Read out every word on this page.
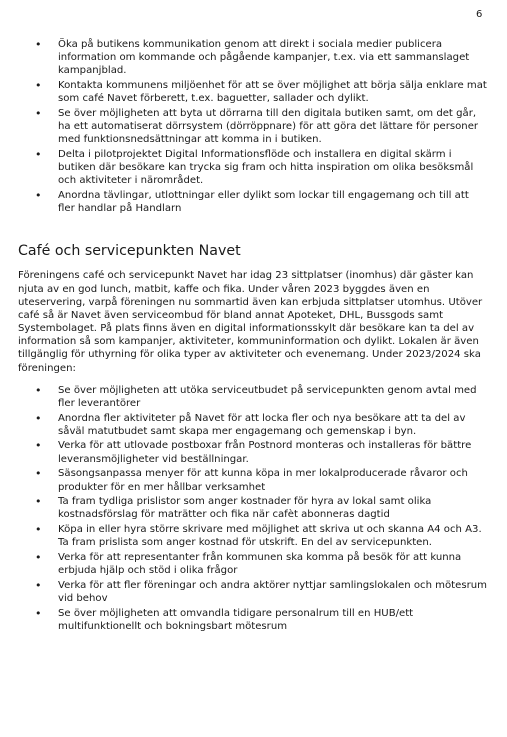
6
• Öka på butikens kommunikation genom att direkt i sociala medier publicera information om kommande och pågående kampanjer, t.ex. via ett sammanslaget kampanjblad.
• Kontakta kommunens miljöenhet för att se över möjlighet att börja sälja enklare mat som café Navet förberett, t.ex. baguetter, sallader och dylikt.
• Se över möjligheten att byta ut dörrarna till den digitala butiken samt, om det går, ha ett automatiserat dörrsystem (dörröppnare) för att göra det lättare för personer med funktionsnedsättningar att komma in i butiken.
• Delta i pilotprojektet Digital Informationsflöde och installera en digital skärm i butiken där besökare kan trycka sig fram och hitta inspiration om olika besöksmål och aktiviteter i närområdet.
• Anordna tävlingar, utlottningar eller dylikt som lockar till engagemang och till att fler handlar på Handlarn
Café och servicepunkten Navet

Föreningens café och servicepunkt Navet har idag 23 sittplatser (inomhus) där gäster kan njuta av en god lunch, matbit, kaffe och fika. Under våren 2023 byggdes även en uteservering, varpå föreningen nu sommartid även kan erbjuda sittplatser utomhus. Utöver café så är Navet även serviceombud för bland annat Apoteket, DHL, Bussgods samt Systembolaget. På plats finns även en digital informationsskylt där besökare kan ta del av information så som kampanjer, aktiviteter, kommuninformation och dylikt. Lokalen är även tillgänglig för uthyrning för olika typer av aktiviteter och evenemang. Under 2023/2024 ska föreningen:

• Se över möjligheten att utöka serviceutbudet på servicepunkten genom avtal med fler leverantörer
• Anordna fler aktiviteter på Navet för att locka fler och nya besökare att ta del av såväl matutbudet samt skapa mer engagemang och gemenskap i byn.
• Verka för att utlovade postboxar från Postnord monteras och installeras för bättre leveransmöjligheter vid beställningar.
• Säsongsanpassa menyer för att kunna köpa in mer lokalproducerade råvaror och produkter för en mer hållbar verksamhet
• Ta fram tydliga prislistor som anger kostnader för hyra av lokal samt olika kostnadsförslag för maträtter och fika när cafèt abonneras dagtid
• Köpa in eller hyra större skrivare med möjlighet att skriva ut och skanna A4 och A3. Ta fram prislista som anger kostnad för utskrift. En del av servicepunkten.
• Verka för att representanter från kommunen ska komma på besök för att kunna erbjuda hjälp och stöd i olika frågor
• Verka för att fler föreningar och andra aktörer nyttjar samlingslokalen och mötesrum vid behov
• Se över möjligheten att omvandla tidigare personalrum till en HUB/ett multifunktionellt och bokningsbart mötesrum
